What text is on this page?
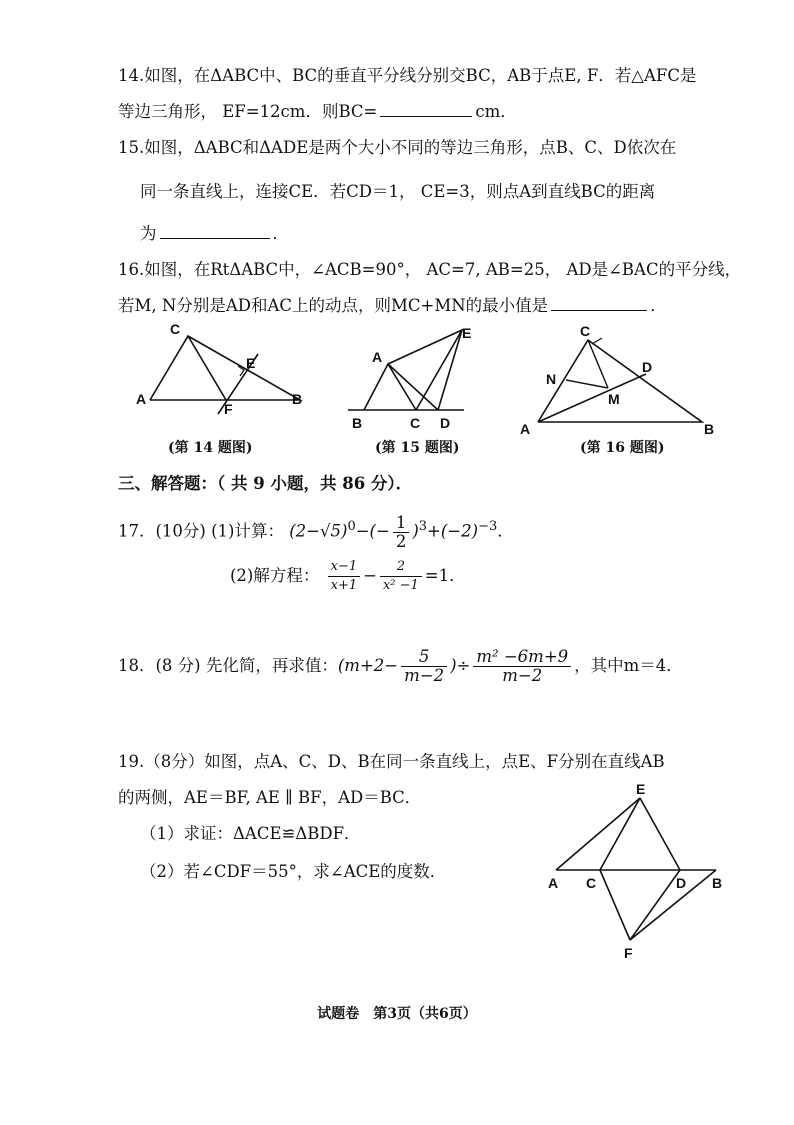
14.如图，在ΔABC中、BC的垂直平分线分别交BC，AB于点E, F．若△AFC是
等边三角形， EF=12cm．则BC=	cm．
15.如图，ΔABC和ΔADE是两个大小不同的等边三角形，点B、C、D依次在
同一条直线上，连接CE．若CD＝1， CE=3，则点A到直线BC的距离
为	．
16.如图，在RtΔABC中，∠ACB=90°， AC=7, AB=25， AD是∠BAC的平分线，
若M, N分别是AD和AC上的动点，则MC+MN的最小值是	．
C
E
A
F
B
(第 14 题图)
A
E
B	C D
(第 15 题图)
C
N
D
M
A	B
(第 16 题图)
三、解答题：（ 共 9 小题，共 86 分）．
17．(10分) (1)计算： $(2-√5)^0-(- \frac{1}{2} )^3+(-2)^{-3}$．
(2)解方程： $\frac{x-1}{x+1} - \frac{2}{\text{x² −1}} =1$．
18．(8 分) 先化简，再求值：($m+2- \frac{5}{m-2}$ )÷ $\frac{\text{m² −6m+9}}{m-2}$ ，其中m＝4．
19.（8分）如图，点A、C、D、B在同一条直线上，点E、F分别在直线AB
的两侧，AE＝BF, AE ∥ BF，AD＝BC．
（1）求证：ΔACE≌ΔBDF．
（2）若∠CDF＝55°，求∠ACE的度数．
E
A C	D B
F
试题卷　第3页（共6页）
